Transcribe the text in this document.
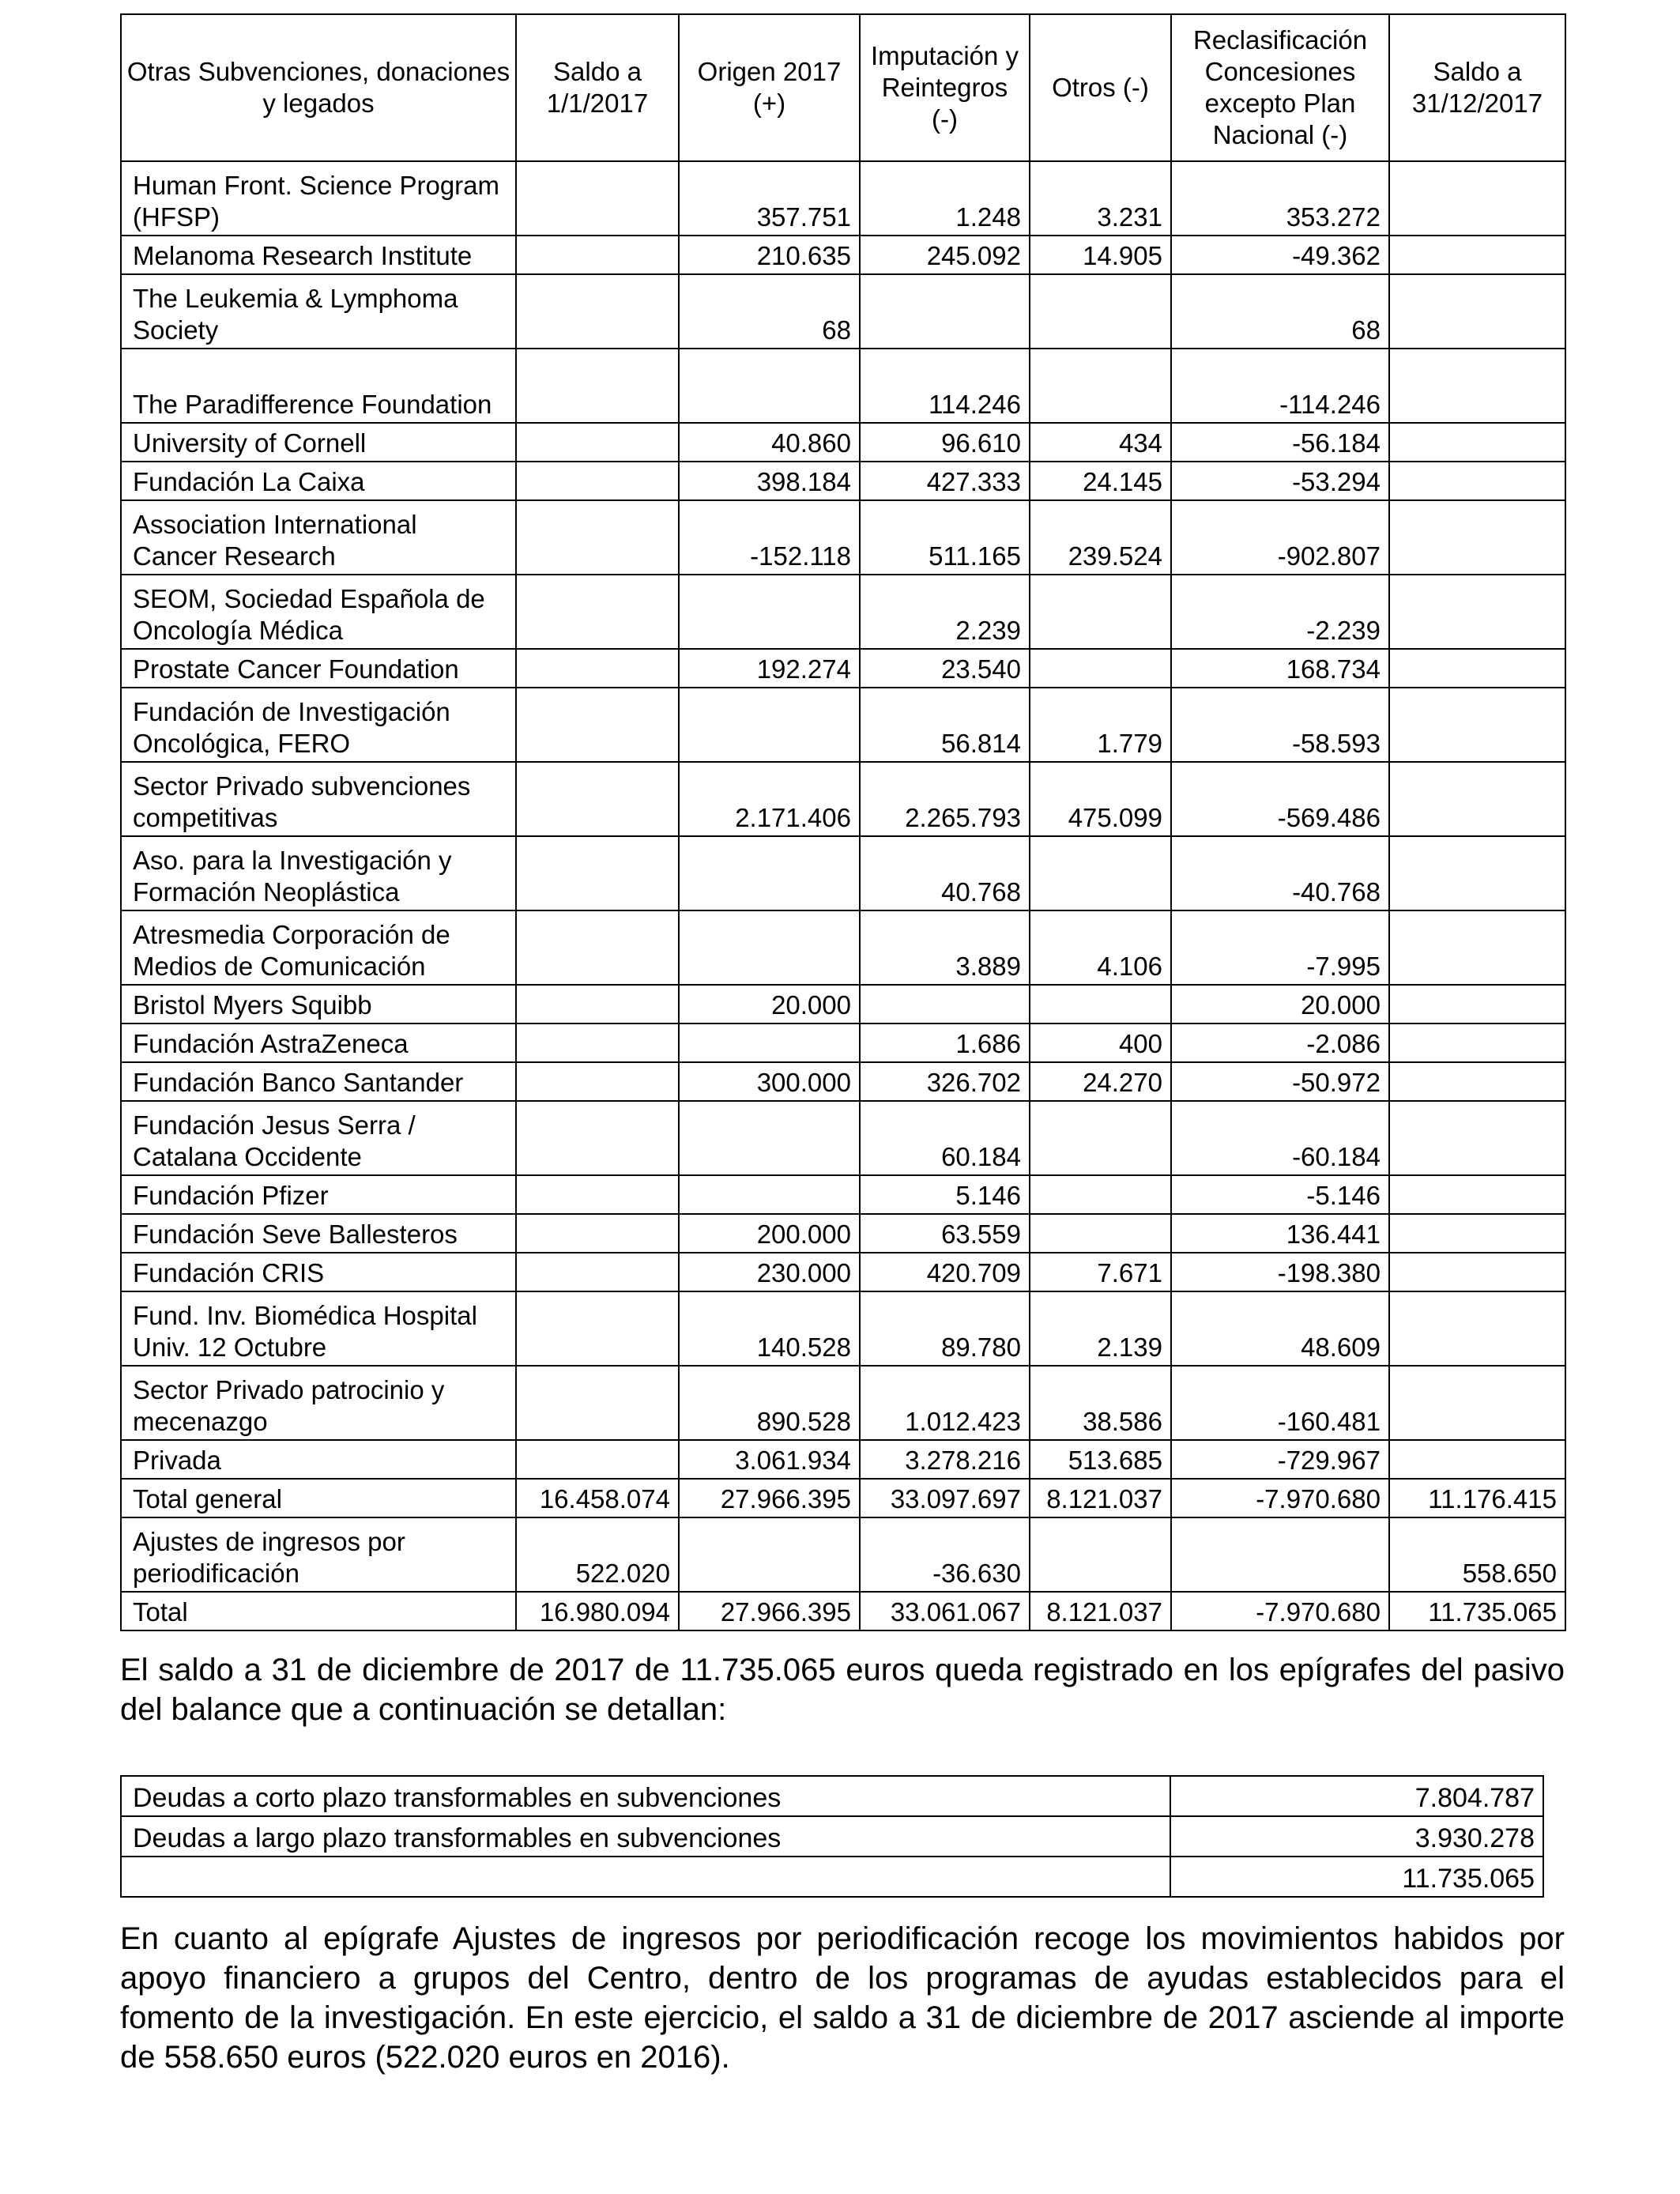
Otras Subvenciones, donaciones y legados	Saldo a 1/1/2017	Origen 2017 (+)	Imputación y Reintegros (-)	Otros (-)	Reclasificación Concesiones excepto Plan Nacional (-)	Saldo a 31/12/2017
Human Front. Science Program (HFSP)		357.751	1.248	3.231	353.272	
Melanoma Research Institute		210.635	245.092	14.905	-49.362	
The Leukemia & Lymphoma Society		68			68	
The Paradifference Foundation			114.246		-114.246	
University of Cornell		40.860	96.610	434	-56.184	
Fundación La Caixa		398.184	427.333	24.145	-53.294	
Association International Cancer Research		-152.118	511.165	239.524	-902.807	
SEOM, Sociedad Española de Oncología Médica			2.239		-2.239	
Prostate Cancer Foundation		192.274	23.540		168.734	
Fundación de Investigación Oncológica, FERO			56.814	1.779	-58.593	
Sector Privado subvenciones competitivas		2.171.406	2.265.793	475.099	-569.486	
Aso. para la Investigación y Formación Neoplástica			40.768		-40.768	
Atresmedia Corporación de Medios de Comunicación			3.889	4.106	-7.995	
Bristol Myers Squibb		20.000			20.000	
Fundación AstraZeneca			1.686	400	-2.086	
Fundación Banco Santander		300.000	326.702	24.270	-50.972	
Fundación Jesus Serra / Catalana Occidente			60.184		-60.184	
Fundación Pfizer			5.146		-5.146	
Fundación Seve Ballesteros		200.000	63.559		136.441	
Fundación CRIS		230.000	420.709	7.671	-198.380	
Fund. Inv. Biomédica Hospital Univ. 12 Octubre		140.528	89.780	2.139	48.609	
Sector Privado patrocinio y mecenazgo		890.528	1.012.423	38.586	-160.481	
Privada		3.061.934	3.278.216	513.685	-729.967	
Total general	16.458.074	27.966.395	33.097.697	8.121.037	-7.970.680	11.176.415
Ajustes de ingresos por periodificación	522.020		-36.630			558.650
Total	16.980.094	27.966.395	33.061.067	8.121.037	-7.970.680	11.735.065

El saldo a 31 de diciembre de 2017 de 11.735.065 euros queda registrado en los epígrafes del pasivo del balance que a continuación se detallan:

Deudas a corto plazo transformables en subvenciones	7.804.787
Deudas a largo plazo transformables en subvenciones	3.930.278
	11.735.065

En cuanto al epígrafe Ajustes de ingresos por periodificación recoge los movimientos habidos por apoyo financiero a grupos del Centro, dentro de los programas de ayudas establecidos para el fomento de la investigación. En este ejercicio, el saldo a 31 de diciembre de 2017 asciende al importe de 558.650 euros (522.020 euros en 2016).
